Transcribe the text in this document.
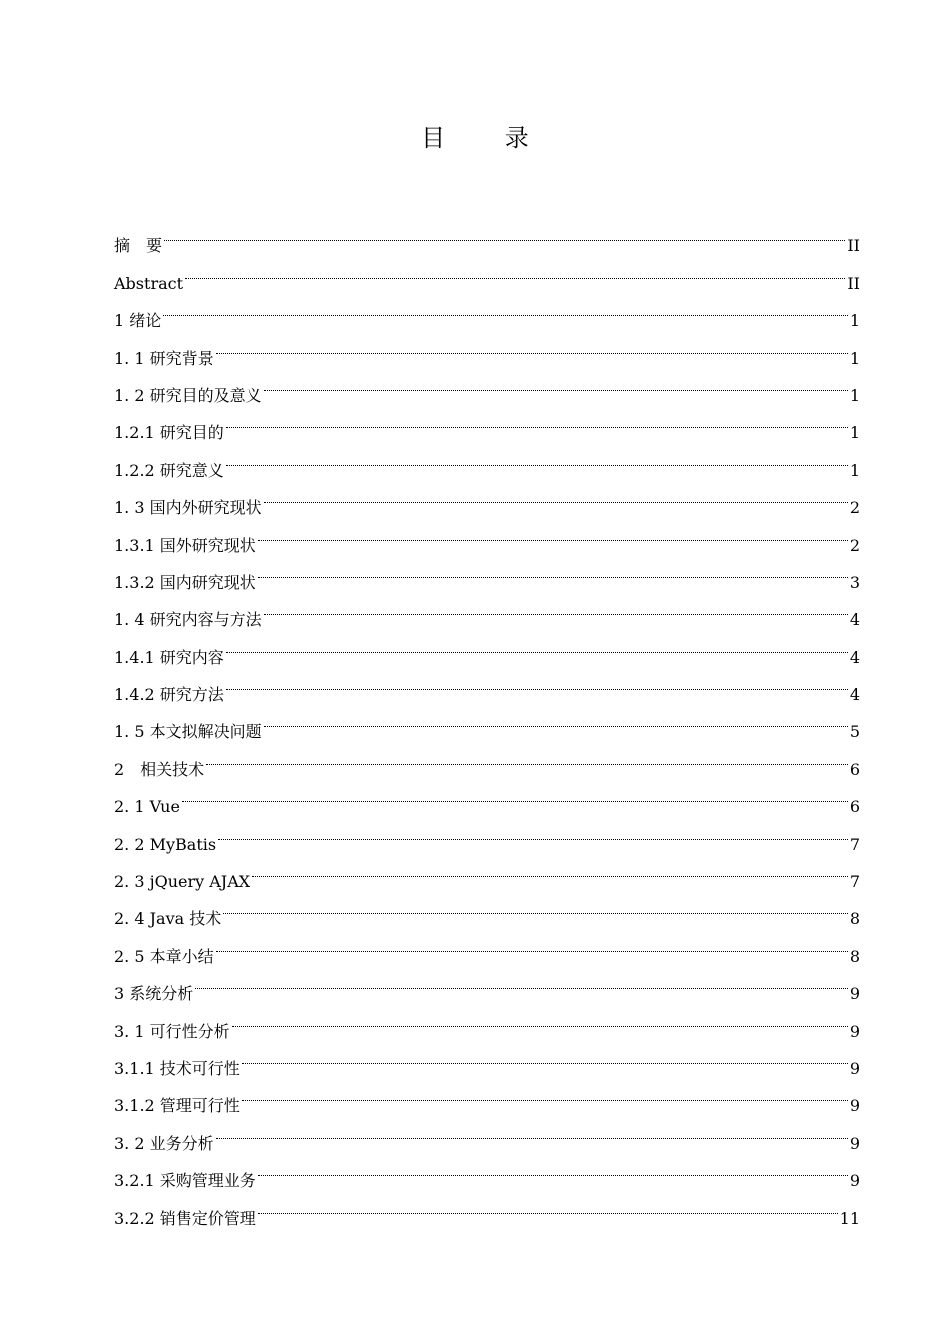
目 录
摘　要	II
Abstract	II
1 绪论	1
1. 1 研究背景	1
1. 2 研究目的及意义	1
1.2.1 研究目的	1
1.2.2 研究意义	1
1. 3 国内外研究现状	2
1.3.1 国外研究现状	2
1.3.2 国内研究现状	3
1. 4 研究内容与方法	4
1.4.1 研究内容	4
1.4.2 研究方法	4
1. 5 本文拟解决问题	5
2　相关技术	6
2. 1 Vue	6
2. 2 MyBatis	7
2. 3 jQuery AJAX	7
2. 4 Java 技术	8
2. 5 本章小结	8
3 系统分析	9
3. 1 可行性分析	9
3.1.1 技术可行性	9
3.1.2 管理可行性	9
3. 2 业务分析	9
3.2.1 采购管理业务	9
3.2.2 销售定价管理	11
